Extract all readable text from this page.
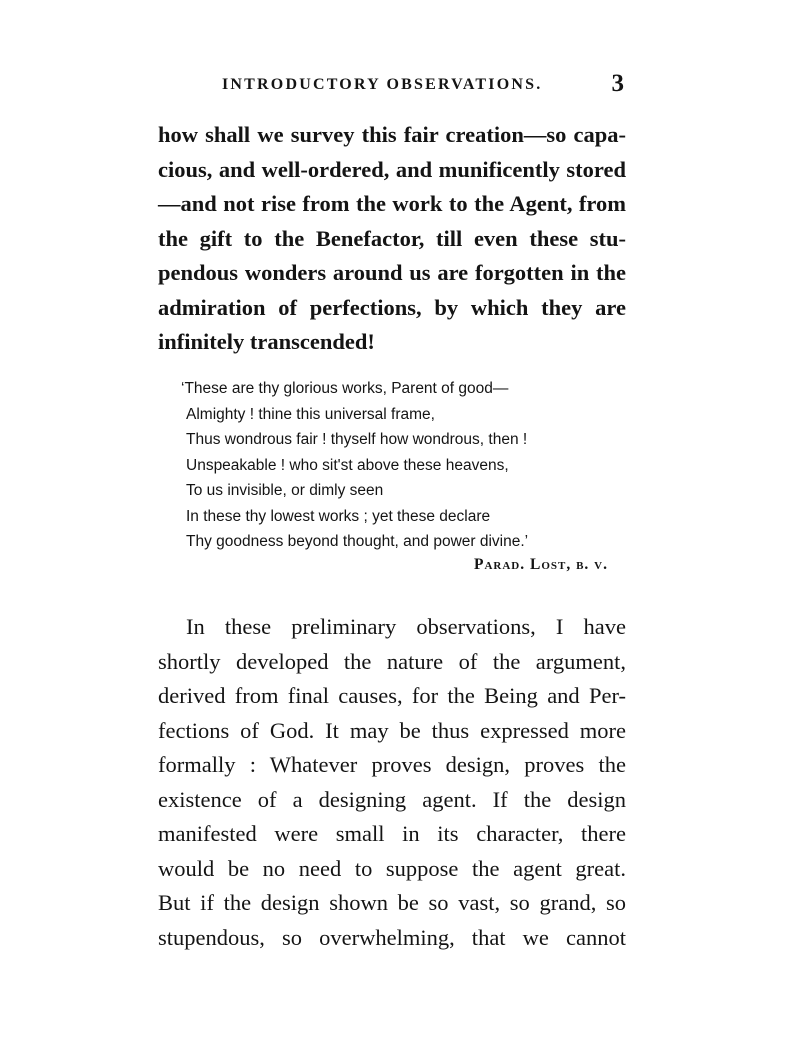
INTRODUCTORY OBSERVATIONS.	3
how shall we survey this fair creation—so capa-
cious, and well-ordered, and munificently stored
—and not rise from the work to the Agent, from
the gift to the Benefactor, till even these stu-
pendous wonders around us are forgotten in the
admiration of perfections, by which they are
infinitely transcended!
‘These are thy glorious works, Parent of good—
Almighty ! thine this universal frame,
Thus wondrous fair ! thyself how wondrous, then !
Unspeakable ! who sit'st above these heavens,
To us invisible, or dimly seen
In these thy lowest works ; yet these declare
Thy goodness beyond thought, and power divine.’
Parad. Lost, b. v.
In these preliminary observations, I have
shortly developed the nature of the argument,
derived from final causes, for the Being and Per-
fections of God. It may be thus expressed more
formally : Whatever proves design, proves the
existence of a designing agent. If the design
manifested were small in its character, there
would be no need to suppose the agent great.
But if the design shown be so vast, so grand, so
stupendous, so overwhelming, that we cannot
